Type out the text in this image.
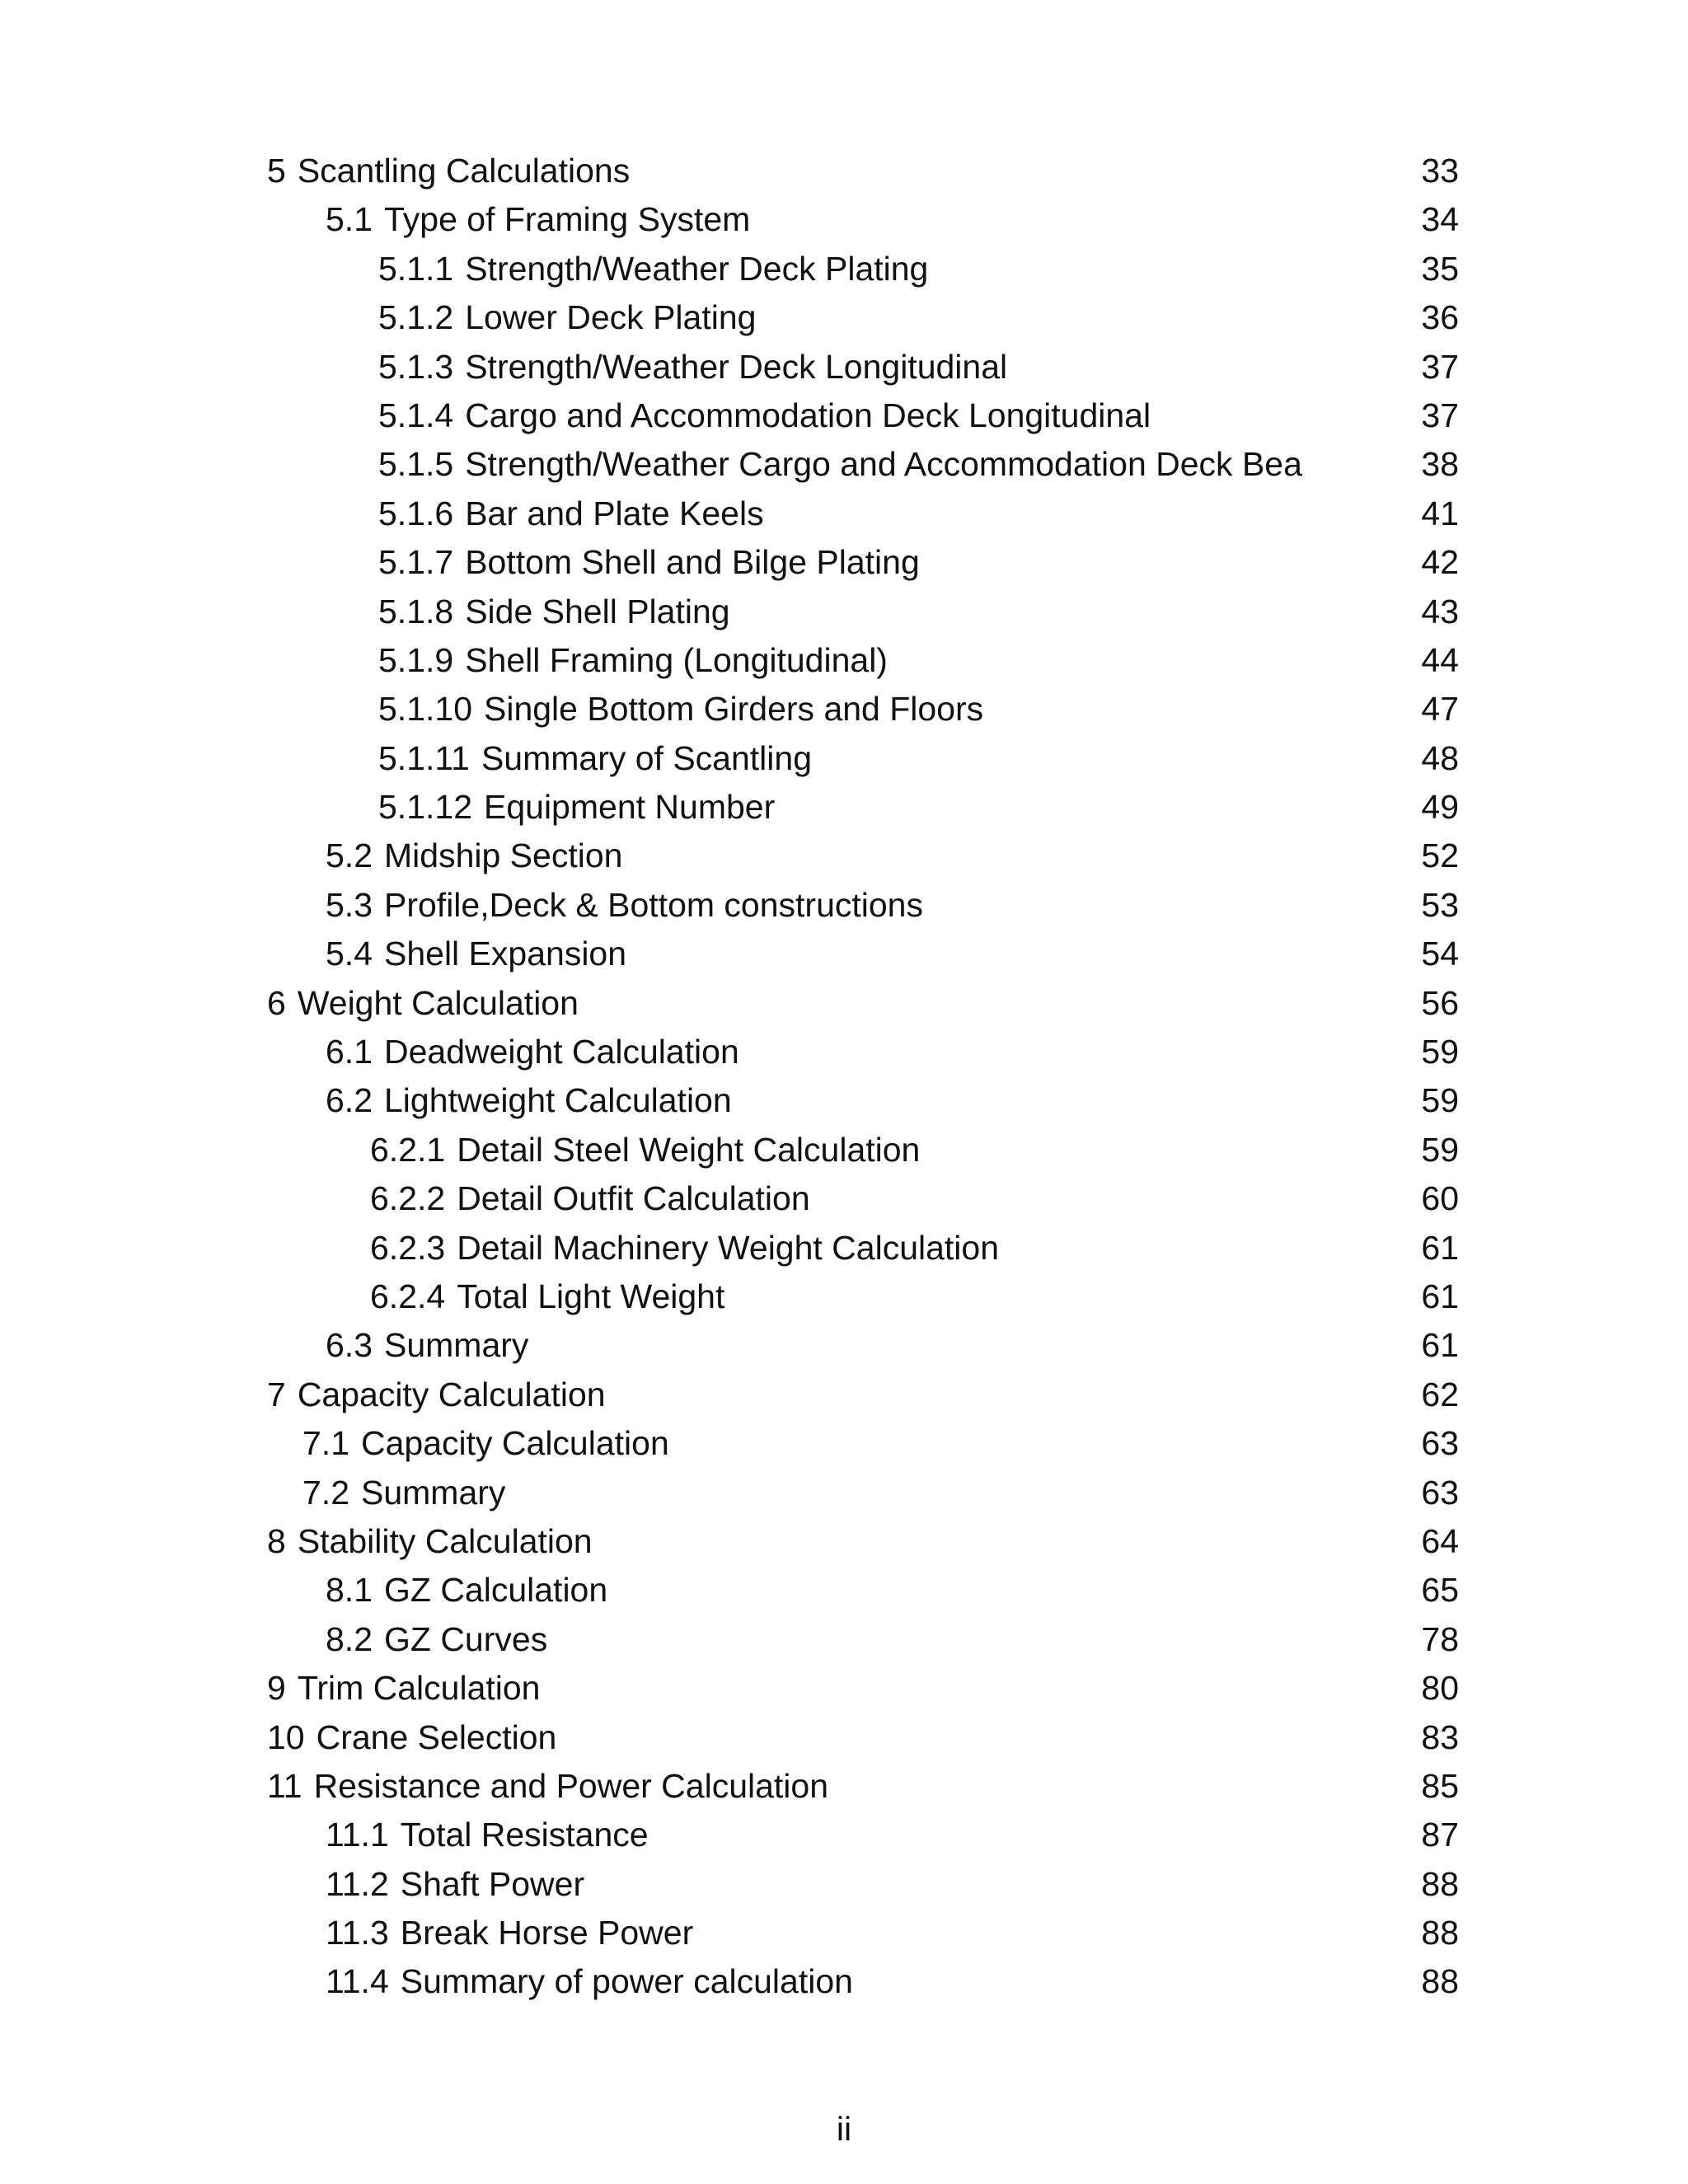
5 Scantling Calculations	33
5.1 Type of Framing System	34
5.1.1 Strength/Weather Deck Plating	35
5.1.2 Lower Deck Plating	36
5.1.3 Strength/Weather Deck Longitudinal	37
5.1.4 Cargo and Accommodation Deck Longitudinal	37
5.1.5 Strength/Weather Cargo and Accommodation Deck Bea	38
5.1.6 Bar and Plate Keels	41
5.1.7 Bottom Shell and Bilge Plating	42
5.1.8 Side Shell Plating	43
5.1.9 Shell Framing (Longitudinal)	44
5.1.10 Single Bottom Girders and Floors	47
5.1.11 Summary of Scantling	48
5.1.12 Equipment Number	49
5.2 Midship Section	52
5.3 Profile,Deck & Bottom constructions	53
5.4 Shell Expansion	54
6 Weight Calculation	56
6.1 Deadweight Calculation	59
6.2 Lightweight Calculation	59
6.2.1 Detail Steel Weight Calculation	59
6.2.2 Detail Outfit Calculation	60
6.2.3 Detail Machinery Weight Calculation	61
6.2.4 Total Light Weight	61
6.3 Summary	61
7 Capacity Calculation	62
7.1 Capacity Calculation	63
7.2 Summary	63
8 Stability Calculation	64
8.1 GZ Calculation	65
8.2 GZ Curves	78
9 Trim Calculation	80
10 Crane Selection	83
11 Resistance and Power Calculation	85
11.1 Total Resistance	87
11.2 Shaft Power	88
11.3 Break Horse Power	88
11.4 Summary of power calculation	88
ii
